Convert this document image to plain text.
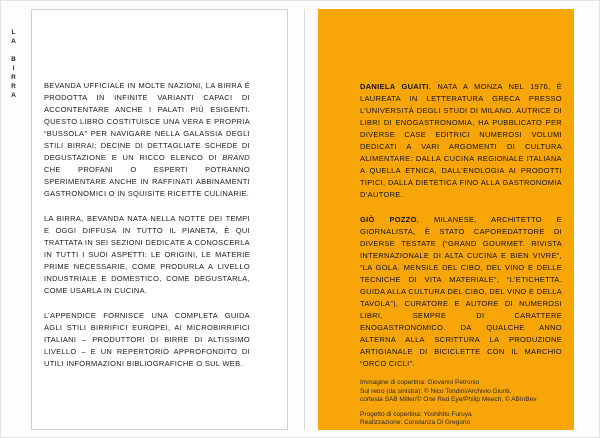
LA BIRRA	BEVANDA UFFICIALE IN MOLTE NAZIONI, LA BIRRA È PRODOTTA IN INFINITE VARIANTI CAPACI DI ACCONTENTARE ANCHE I PALATI PIÙ ESIGENTI. QUESTO LIBRO COSTITUISCE UNA VERA E PROPRIA “BUSSOLA” PER NAVIGARE NELLA GALASSIA DEGLI STILI BIRRAI: DECINE DI DETTAGLIATE SCHEDE DI DEGUSTAZIONE E UN RICCO ELENCO DI BRAND CHE PROFANI O ESPERTI POTRANNO SPERIMENTARE ANCHE IN RAFFINATI ABBINAMENTI GASTRONOMICI O IN SQUISITE RICETTE CULINARIE.

LA BIRRA, BEVANDA NATA NELLA NOTTE DEI TEMPI E OGGI DIFFUSA IN TUTTO IL PIANETA, È QUI TRATTATA IN SEI SEZIONI DEDICATE A CONOSCERLA IN TUTTI I SUOI ASPETTI: LE ORIGINI, LE MATERIE PRIME NECESSARIE, COME PRODURLA A LIVELLO INDUSTRIALE E DOMESTICO, COME DEGUSTARLA, COME USARLA IN CUCINA.

L’APPENDICE FORNISCE UNA COMPLETA GUIDA AGLI STILI BIRRIFICI EUROPEI, AI MICROBIRRIFICI ITALIANI – PRODUTTORI DI BIRRE DI ALTISSIMO LIVELLO – E UN REPERTORIO APPROFONDITO DI UTILI INFORMAZIONI BIBLIOGRAFICHE O SUL WEB.

DANIELA GUAITI, NATA A MONZA NEL 1976, È LAUREATA IN LETTERATURA GRECA PRESSO L’UNIVERSITÀ DEGLI STUDI DI MILANO. AUTRICE DI LIBRI DI ENOGASTRONOMIA, HA PUBBLICATO PER DIVERSE CASE EDITRICI NUMEROSI VOLUMI DEDICATI A VARI ARGOMENTI DI CULTURA ALIMENTARE: DALLA CUCINA REGIONALE ITALIANA A QUELLA ETNICA, DALL’ENOLOGIA AI PRODOTTI TIPICI, DALLA DIETETICA FINO ALLA GASTRONOMIA D’AUTORE.

GIÒ POZZO, MILANESE, ARCHITETTO E GIORNALISTA, È STATO CAPOREDATTORE DI DIVERSE TESTATE (“GRAND GOURMET. RIVISTA INTERNAZIONALE DI ALTA CUCINA E BIEN VIVRE”, “LA GOLA. MENSILE DEL CIBO, DEL VINO E DELLE TECNICHE DI VITA MATERIALE”, “L’ETICHETTA. GUIDA ALLA CULTURA DEL CIBO, DEL VINO E DELLA TAVOLA”), CURATORE E AUTORE DI NUMEROSI LIBRI, SEMPRE DI CARATTERE ENOGASTRONOMICO. DA QUALCHE ANNO ALTERNA ALLA SCRITTURA LA PRODUZIONE ARTIGIANALE DI BICICLETTE CON IL MARCHIO “ORCO CICLI”.

Immagine di copertina: Giovanni Petronio

Sul retro (da sinistra): © Nico Tondini/Archivio Giunti,

cortesia SAB Miller/© One Red Eye/Philip Meech, © ABInBev

Progetto di copertina: Yoshihito Furuya

Realizzazione: Constanza Di Gregorio
